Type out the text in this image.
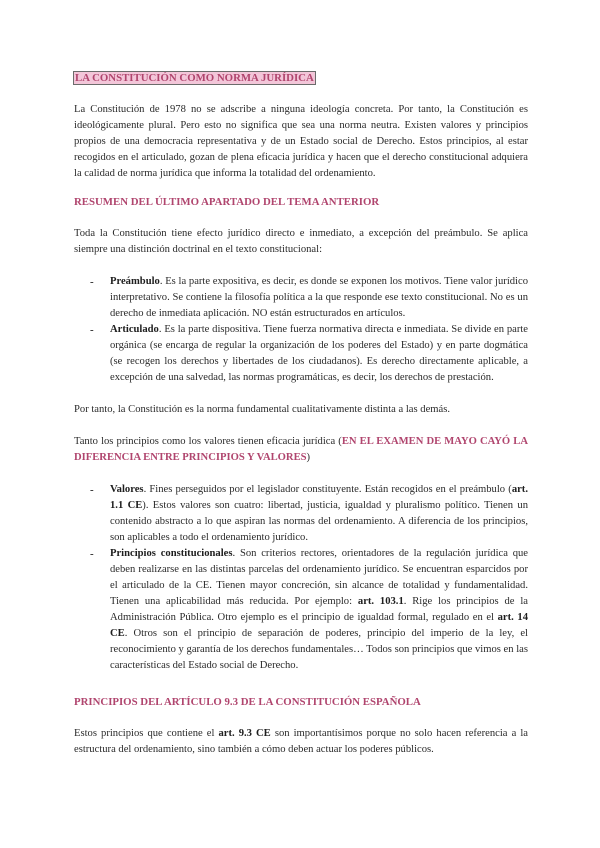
LA CONSTITUCIÓN COMO NORMA JURÍDICA

La Constitución de 1978 no se adscribe a ninguna ideología concreta. Por tanto, la Constitución es ideológicamente plural. Pero esto no significa que sea una norma neutra. Existen valores y principios propios de una democracia representativa y de un Estado social de Derecho. Estos principios, al estar recogidos en el articulado, gozan de plena eficacia jurídica y hacen que el derecho constitucional adquiera la calidad de norma jurídica que informa la totalidad del ordenamiento.

RESUMEN DEL ÚLTIMO APARTADO DEL TEMA ANTERIOR

Toda la Constitución tiene efecto jurídico directo e inmediato, a excepción del preámbulo. Se aplica siempre una distinción doctrinal en el texto constitucional:

- Preámbulo. Es la parte expositiva, es decir, es donde se exponen los motivos. Tiene valor jurídico interpretativo. Se contiene la filosofía política a la que responde ese texto constitucional. No es un derecho de inmediata aplicación. NO están estructurados en artículos.
- Articulado. Es la parte dispositiva. Tiene fuerza normativa directa e inmediata. Se divide en parte orgánica (se encarga de regular la organización de los poderes del Estado) y en parte dogmática (se recogen los derechos y libertades de los ciudadanos). Es derecho directamente aplicable, a excepción de una salvedad, las normas programáticas, es decir, los derechos de prestación.

Por tanto, la Constitución es la norma fundamental cualitativamente distinta a las demás.

Tanto los principios como los valores tienen eficacia jurídica (EN EL EXAMEN DE MAYO CAYÓ LA DIFERENCIA ENTRE PRINCIPIOS Y VALORES)

- Valores. Fines perseguidos por el legislador constituyente. Están recogidos en el preámbulo (art. 1.1 CE). Estos valores son cuatro: libertad, justicia, igualdad y pluralismo político. Tienen un contenido abstracto a lo que aspiran las normas del ordenamiento. A diferencia de los principios, son aplicables a todo el ordenamiento jurídico.
- Principios constitucionales. Son criterios rectores, orientadores de la regulación jurídica que deben realizarse en las distintas parcelas del ordenamiento jurídico. Se encuentran esparcidos por el articulado de la CE. Tienen mayor concreción, sin alcance de totalidad y fundamentalidad. Tienen una aplicabilidad más reducida. Por ejemplo: art. 103.1. Rige los principios de la Administración Pública. Otro ejemplo es el principio de igualdad formal, regulado en el art. 14 CE. Otros son el principio de separación de poderes, principio del imperio de la ley, el reconocimiento y garantía de los derechos fundamentales… Todos son principios que vimos en las características del Estado social de Derecho.

PRINCIPIOS DEL ARTÍCULO 9.3 DE LA CONSTITUCIÓN ESPAÑOLA

Estos principios que contiene el art. 9.3 CE son importantísimos porque no solo hacen referencia a la estructura del ordenamiento, sino también a cómo deben actuar los poderes públicos.
